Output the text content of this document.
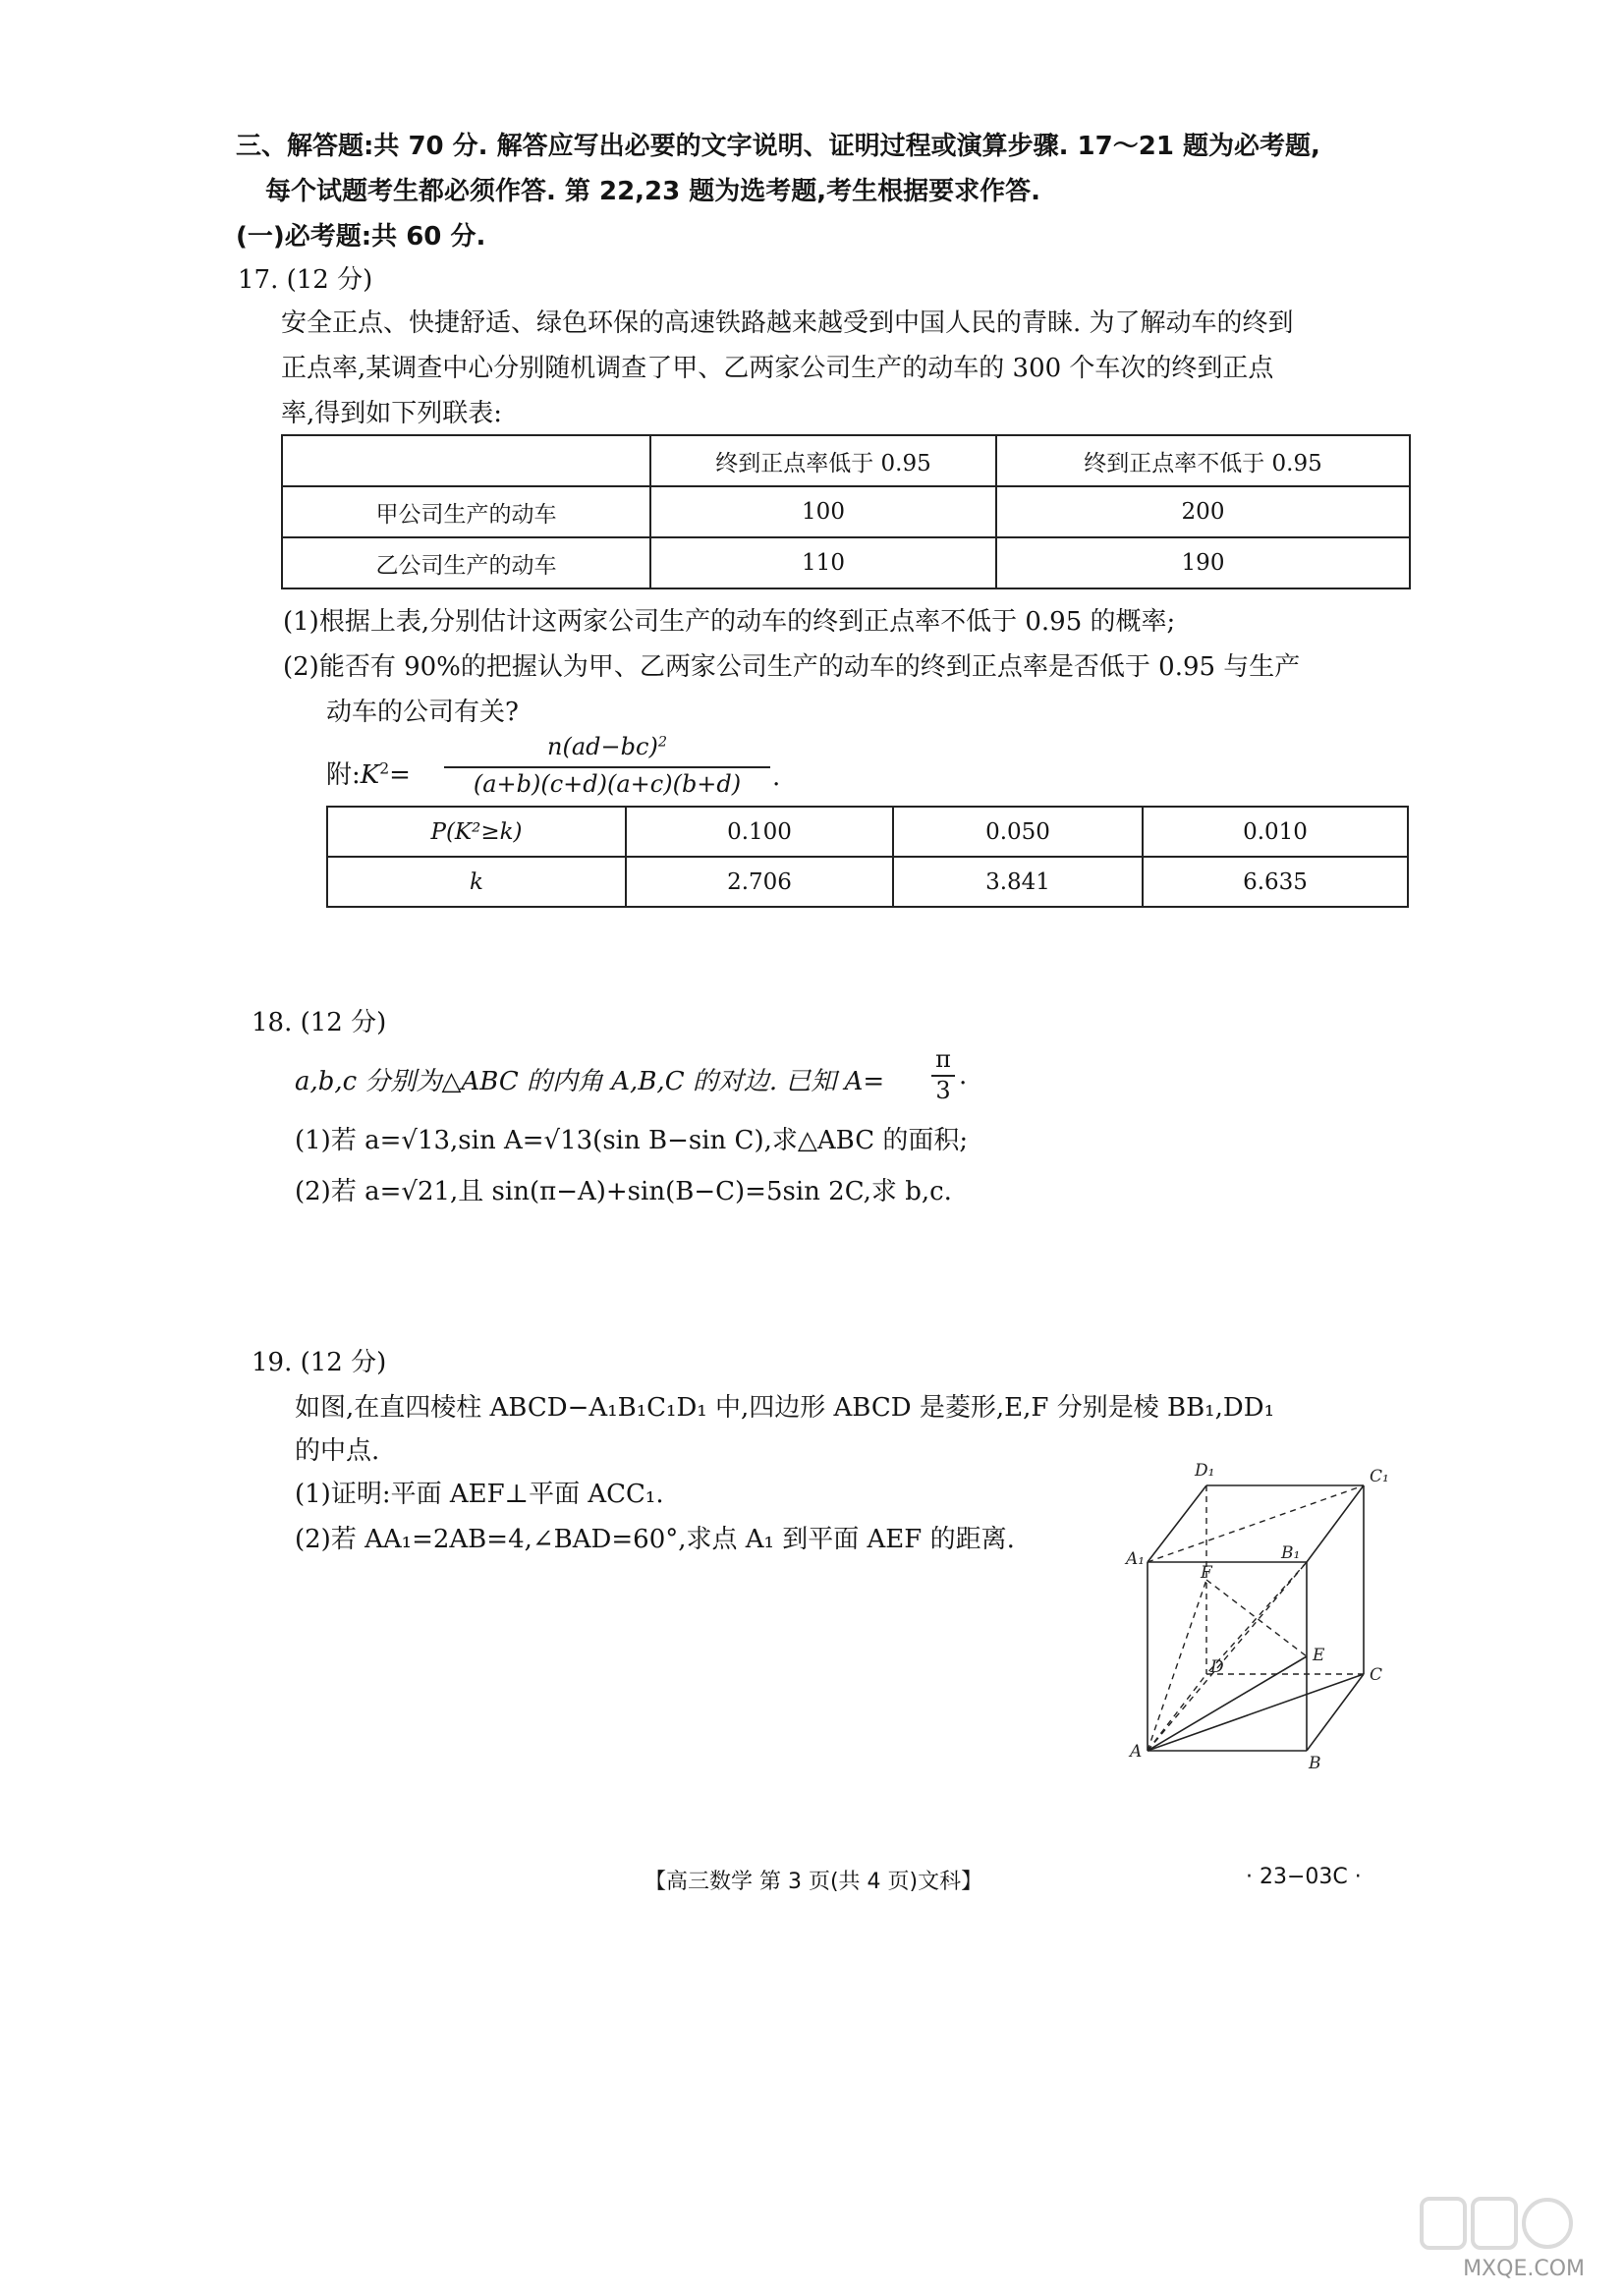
三、解答题:共 70 分. 解答应写出必要的文字说明、证明过程或演算步骤. 17～21 题为必考题,
每个试题考生都必须作答. 第 22,23 题为选考题,考生根据要求作答.
(一)必考题:共 60 分.
17. (12 分)
安全正点、快捷舒适、绿色环保的高速铁路越来越受到中国人民的青睐. 为了解动车的终到
正点率,某调查中心分别随机调查了甲、乙两家公司生产的动车的 300 个车次的终到正点
率,得到如下列联表:
	终到正点率低于 0.95	终到正点率不低于 0.95
甲公司生产的动车	100	200
乙公司生产的动车	110	190
(1)根据上表,分别估计这两家公司生产的动车的终到正点率不低于 0.95 的概率;
(2)能否有 90%的把握认为甲、乙两家公司生产的动车的终到正点率是否低于 0.95 与生产
动车的公司有关?
附$:K^2=$
$n(ad-bc)^2$
(a+b)(c+d)(a+c)(b+d)	.
P(K²≥k)	0.100	0.050	0.010
k	2.706	3.841	6.635
18. (12 分)
a,b,c 分别为△ABC 的内角 A,B,C 的对边. 已知 A=
π
3 .
(1)若 a=√13,sin A=√13(sin B−sin C),求△ABC 的面积;
(2)若 a=√21,且 sin(π−A)+sin(B−C)=5sin 2C,求 b,c.
19. (12 分)
如图,在直四棱柱 ABCD−A₁B₁C₁D₁ 中,四边形 ABCD 是菱形,E,F 分别是棱 BB₁,DD₁
的中点.
(1)证明:平面 AEF⊥平面 ACC₁.
(2)若 AA₁=2AB=4,∠BAD=60°,求点 A₁ 到平面 AEF 的距离.
D₁	C₁
A₁	B₁
F
E
D	C
A
B
【高三数学 第 3 页(共 4 页)文科】	· 23−03C ·
MXQE.COM
